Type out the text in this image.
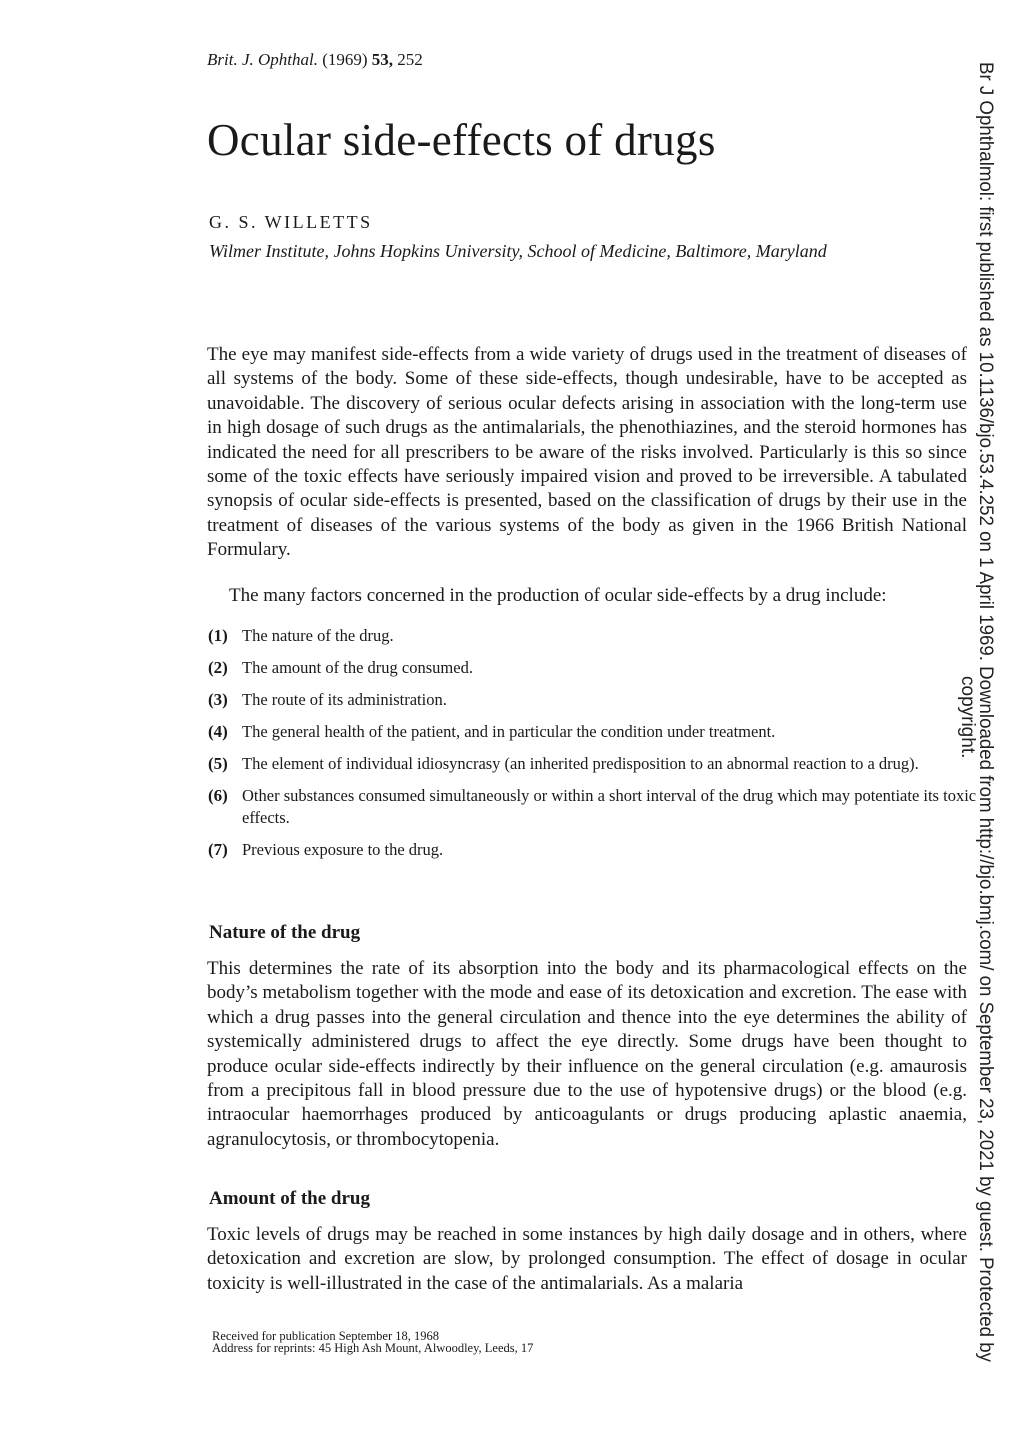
Brit. J. Ophthal. (1969) 53, 252
Ocular side-effects of drugs
G. S. WILLETTS
Wilmer Institute, Johns Hopkins University, School of Medicine, Baltimore, Maryland

The eye may manifest side-effects from a wide variety of drugs used in the treatment of diseases of all systems of the body. Some of these side-effects, though undesirable, have to be accepted as unavoidable. The discovery of serious ocular defects arising in association with the long-term use in high dosage of such drugs as the antimalarials, the phenothiazines, and the steroid hormones has indicated the need for all prescribers to be aware of the risks involved. Particularly is this so since some of the toxic effects have seriously impaired vision and proved to be irreversible. A tabulated synopsis of ocular side-effects is presented, based on the classification of drugs by their use in the treatment of diseases of the various systems of the body as given in the 1966 British National Formulary.

The many factors concerned in the production of ocular side-effects by a drug include:

(1) The nature of the drug.
(2) The amount of the drug consumed.
(3) The route of its administration.
(4) The general health of the patient, and in particular the condition under treatment.
(5) The element of individual idiosyncrasy (an inherited predisposition to an abnormal reaction to a drug).
(6) Other substances consumed simultaneously or within a short interval of the drug which may potentiate its toxic effects.
(7) Previous exposure to the drug.
Nature of the drug

This determines the rate of its absorption into the body and its pharmacological effects on the body’s metabolism together with the mode and ease of its detoxication and excretion. The ease with which a drug passes into the general circulation and thence into the eye determines the ability of systemically administered drugs to affect the eye directly. Some drugs have been thought to produce ocular side-effects indirectly by their influence on the general circulation (e.g. amaurosis from a precipitous fall in blood pressure due to the use of hypotensive drugs) or the blood (e.g. intraocular haemorrhages produced by anticoagulants or drugs producing aplastic anaemia, agranulocytosis, or thrombocytopenia.

Amount of the drug

Toxic levels of drugs may be reached in some instances by high daily dosage and in others, where detoxication and excretion are slow, by prolonged consumption. The effect of dosage in ocular toxicity is well-illustrated in the case of the antimalarials. As a malaria

Received for publication September 18, 1968
Address for reprints: 45 High Ash Mount, Alwoodley, Leeds, 17	Br J Ophthalmol: first published as 10.1136/bjo.53.4.252 on 1 April 1969. Downloaded from http://bjo.bmj.com/ on September 23, 2021 by guest. Protected by
copyright.
